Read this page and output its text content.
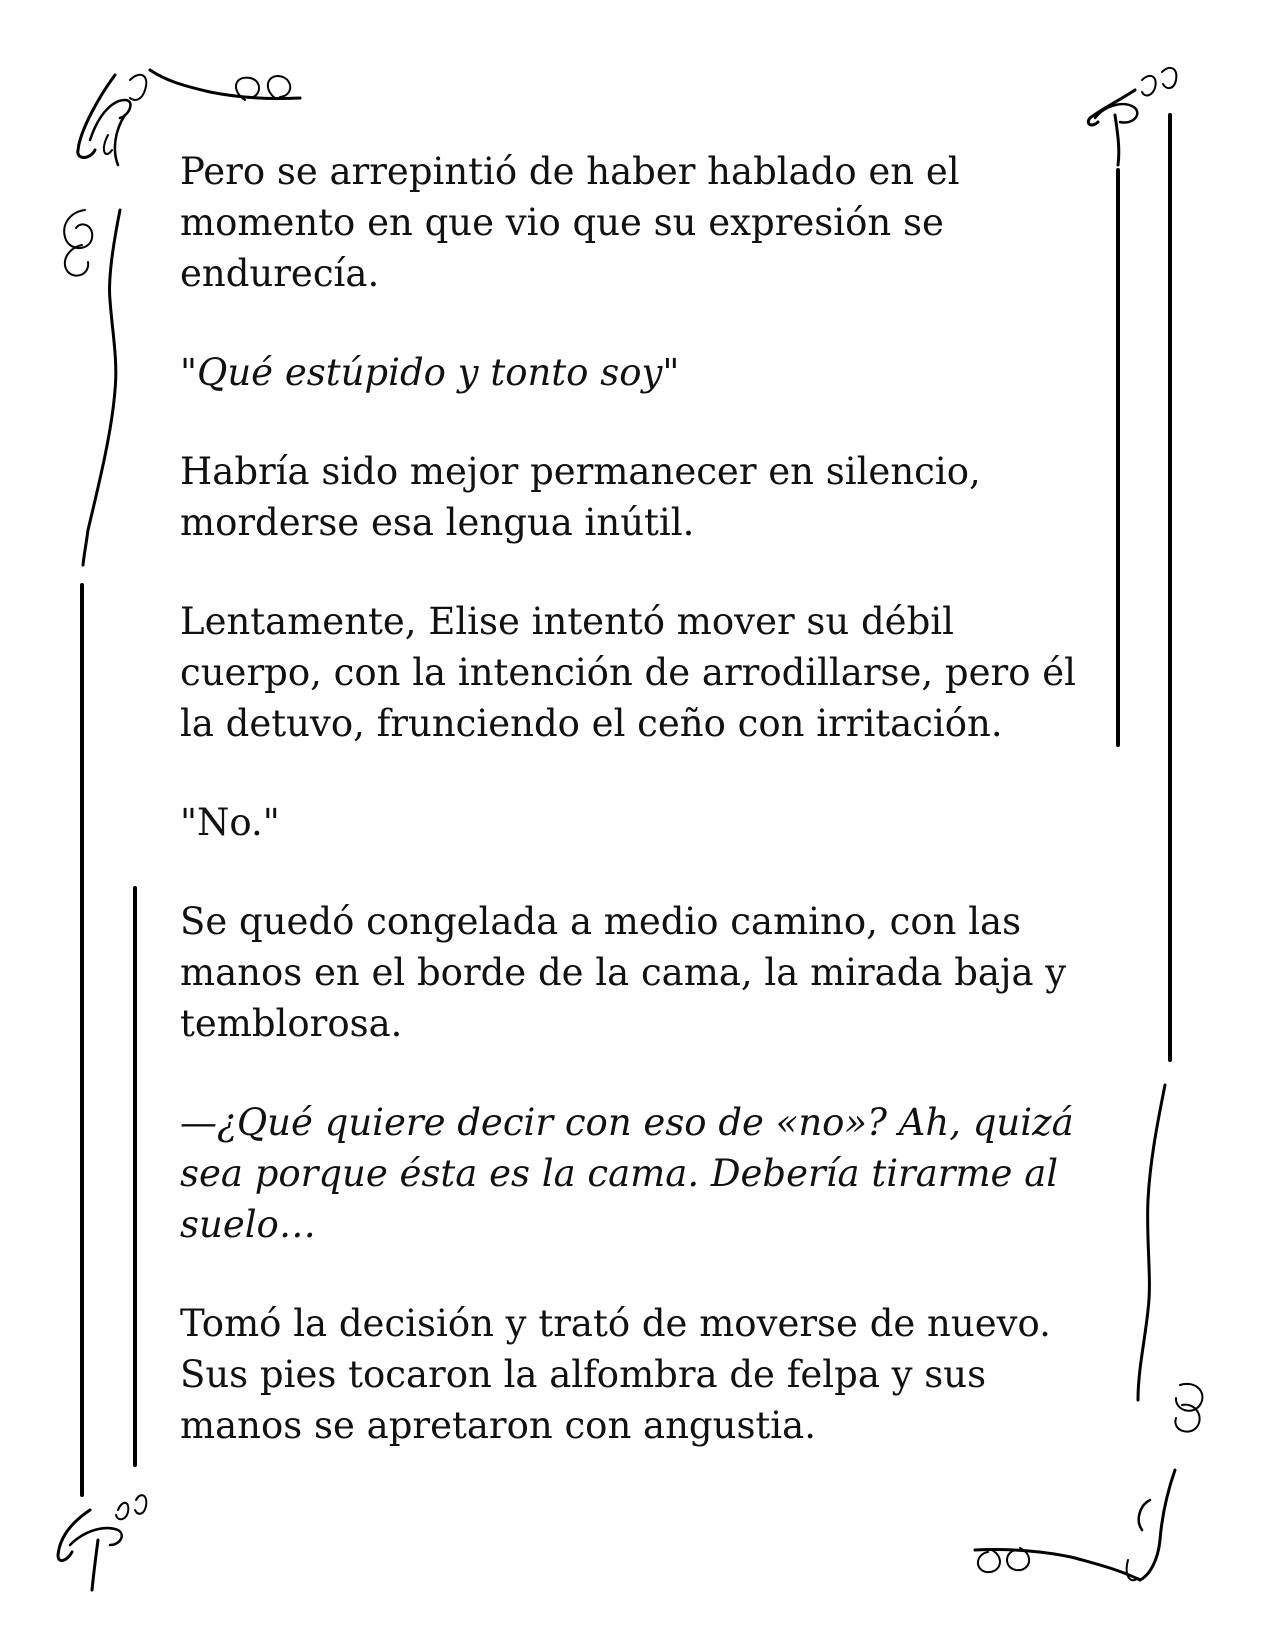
Pero se arrepintió de haber hablado en el
momento en que vio que su expresión se
endurecía.

"Qué estúpido y tonto soy"

Habría sido mejor permanecer en silencio,
morderse esa lengua inútil.

Lentamente, Elise intentó mover su débil
cuerpo, con la intención de arrodillarse, pero él
la detuvo, frunciendo el ceño con irritación.

"No."

Se quedó congelada a medio camino, con las
manos en el borde de la cama, la mirada baja y
temblorosa.

—¿Qué quiere decir con eso de «no»? Ah, quizá
sea porque ésta es la cama. Debería tirarme al
suelo…

Tomó la decisión y trató de moverse de nuevo.
Sus pies tocaron la alfombra de felpa y sus
manos se apretaron con angustia.
